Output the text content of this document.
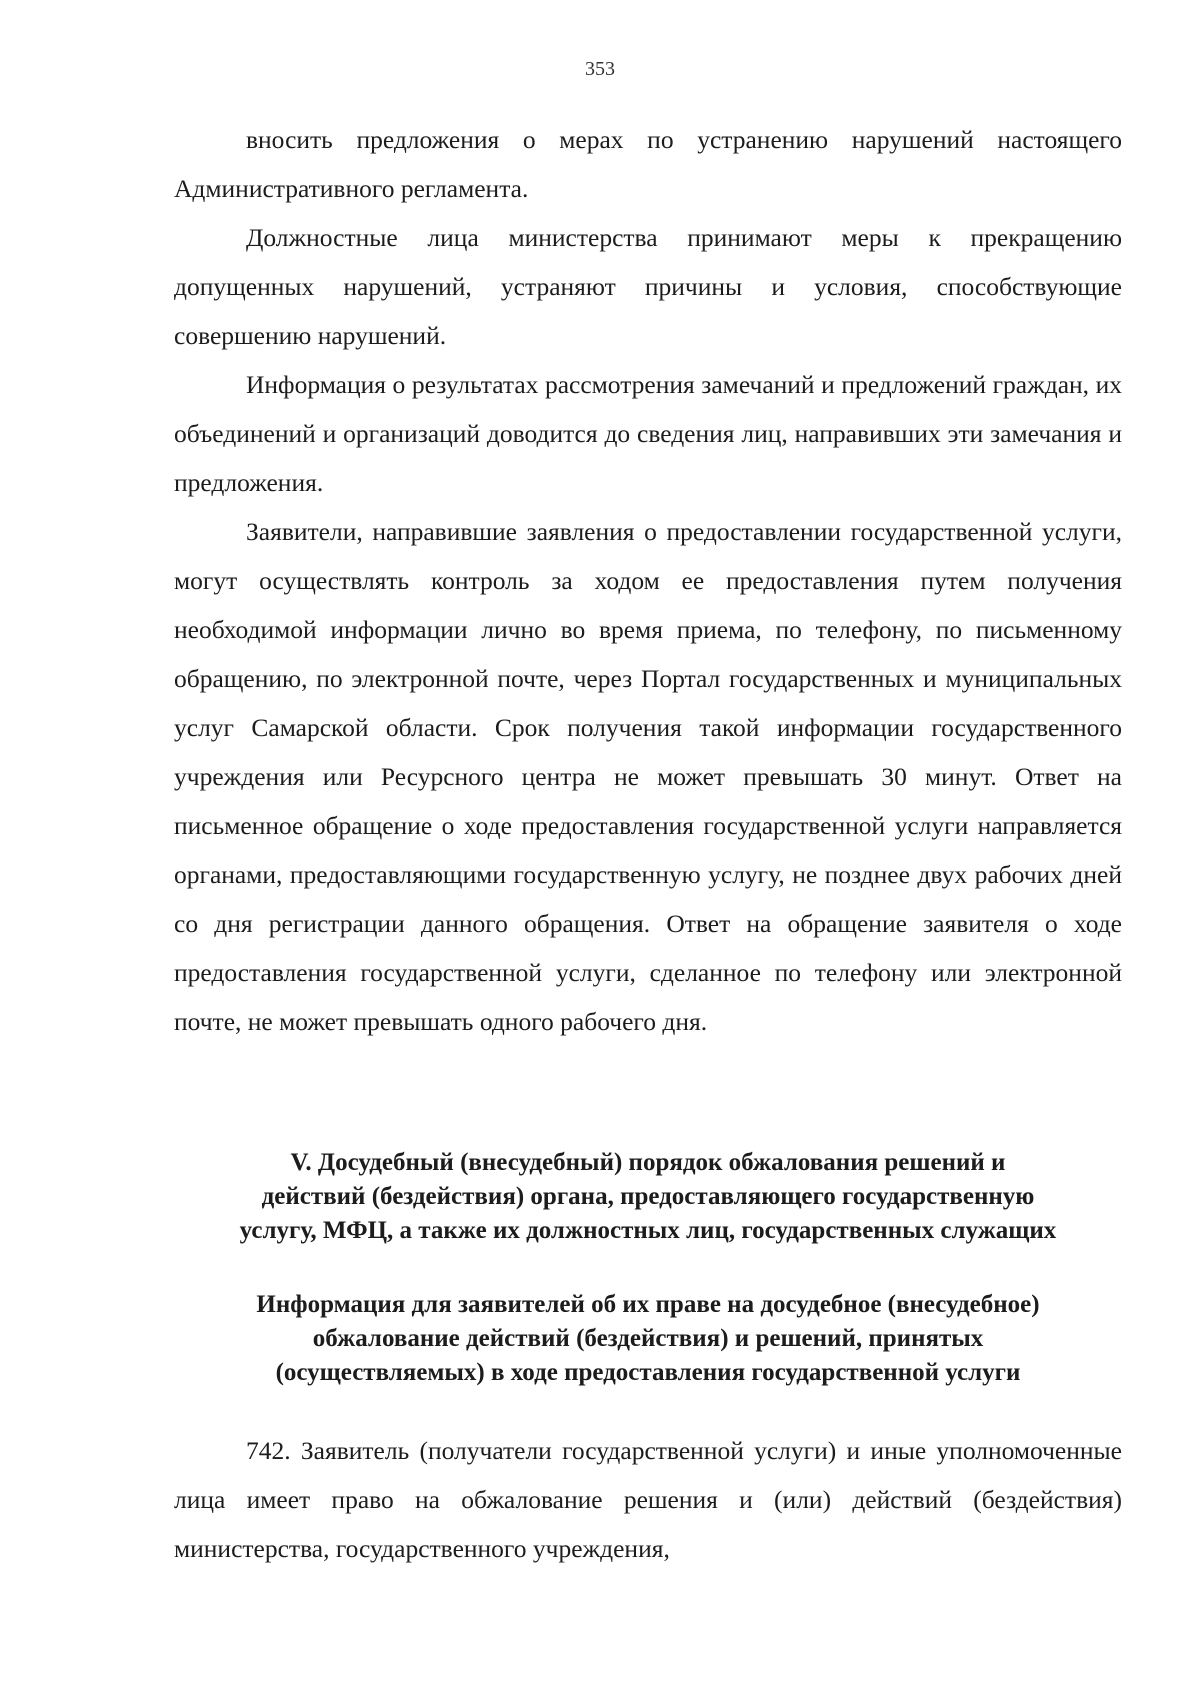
353

вносить предложения о мерах по устранению нарушений настоящего Административного регламента.

Должностные лица министерства принимают меры к прекращению допущенных нарушений, устраняют причины и условия, способствующие совершению нарушений.

Информация о результатах рассмотрения замечаний и предложений граждан, их объединений и организаций доводится до сведения лиц, направивших эти замечания и предложения.

Заявители, направившие заявления о предоставлении государственной услуги, могут осуществлять контроль за ходом ее предоставления путем получения необходимой информации лично во время приема, по телефону, по письменному обращению, по электронной почте, через Портал государственных и муниципальных услуг Самарской области. Срок получения такой информации государственного учреждения или Ресурсного центра не может превышать 30 минут. Ответ на письменное обращение о ходе предоставления государственной услуги направляется органами, предоставляющими государственную услугу, не позднее двух рабочих дней со дня регистрации данного обращения. Ответ на обращение заявителя о ходе предоставления государственной услуги, сделанное по телефону или электронной почте, не может превышать одного рабочего дня.

V. Досудебный (внесудебный) порядок обжалования решений и
действий (бездействия) органа, предоставляющего государственную
услугу, МФЦ, а также их должностных лиц, государственных служащих
Информация для заявителей об их праве на досудебное (внесудебное)
обжалование действий (бездействия) и решений, принятых
(осуществляемых) в ходе предоставления государственной услуги

742. Заявитель (получатели государственной услуги) и иные уполномоченные лица имеет право на обжалование решения и (или) действий (бездействия) министерства, государственного учреждения,
